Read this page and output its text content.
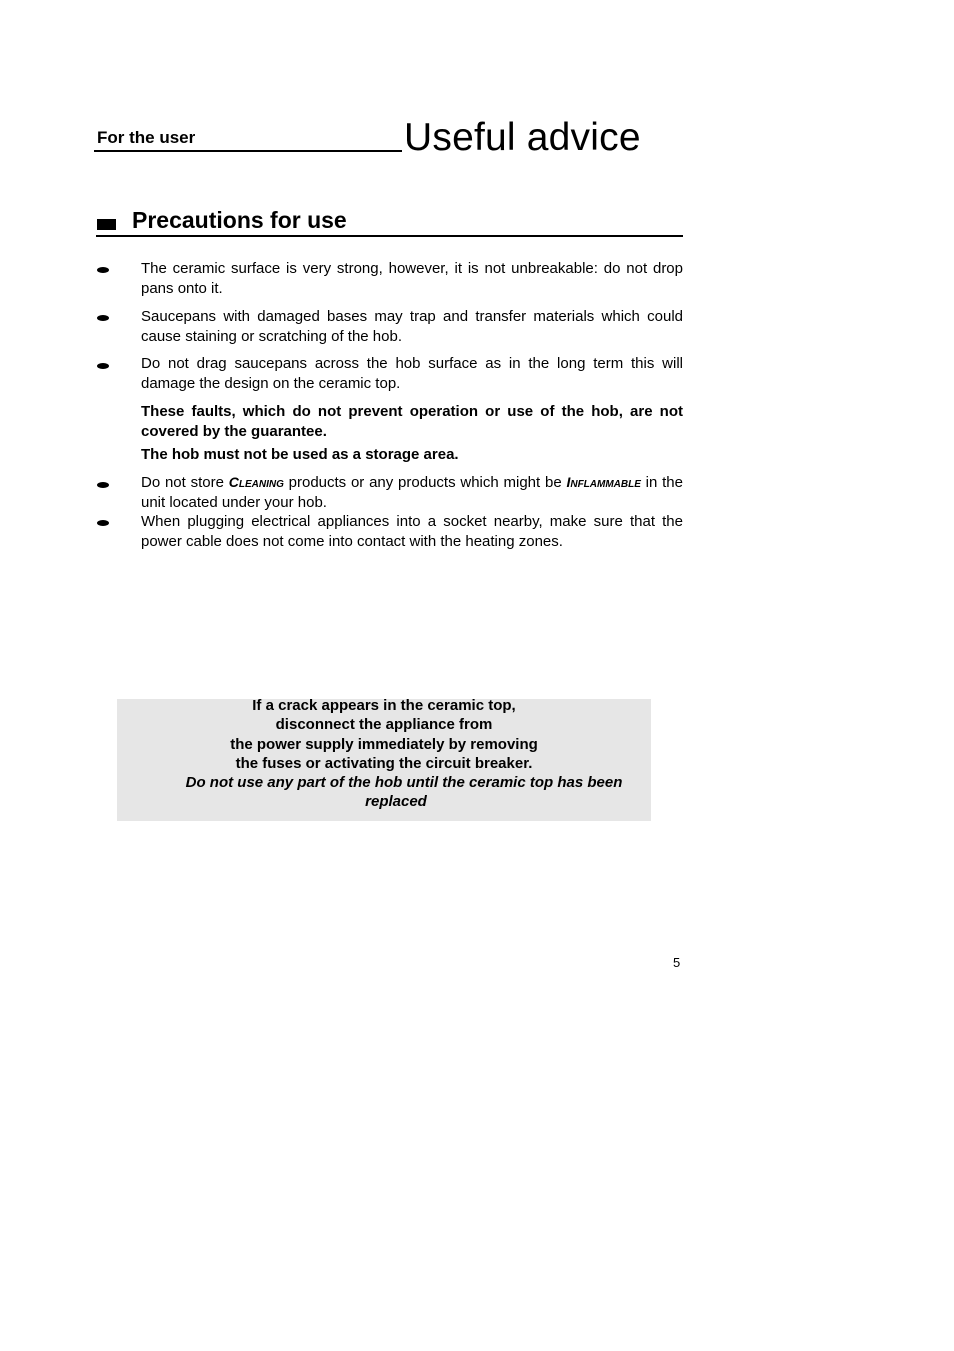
For the user	Useful advice
Precautions for use
The ceramic surface is very strong, however, it is not unbreakable: do not drop pans onto it.
Saucepans with damaged bases may trap and transfer materials which could cause staining or scratching of the hob.
Do not drag saucepans across the hob surface as in the long term this will damage the design on the ceramic top.
These faults, which do not prevent operation or use of the hob, are not covered by the guarantee.
The hob must not be used as a storage area.
Do not store Cleaning products or any products which might be Inflammable in the unit located under your hob.
When plugging electrical appliances into a socket nearby, make sure that the power cable does not come into contact with the heating zones.
If a crack appears in the ceramic top,
disconnect the appliance from
the power supply immediately by removing
the fuses or activating the circuit breaker.
Do not use any part of the hob until the ceramic top has been
replaced
5
